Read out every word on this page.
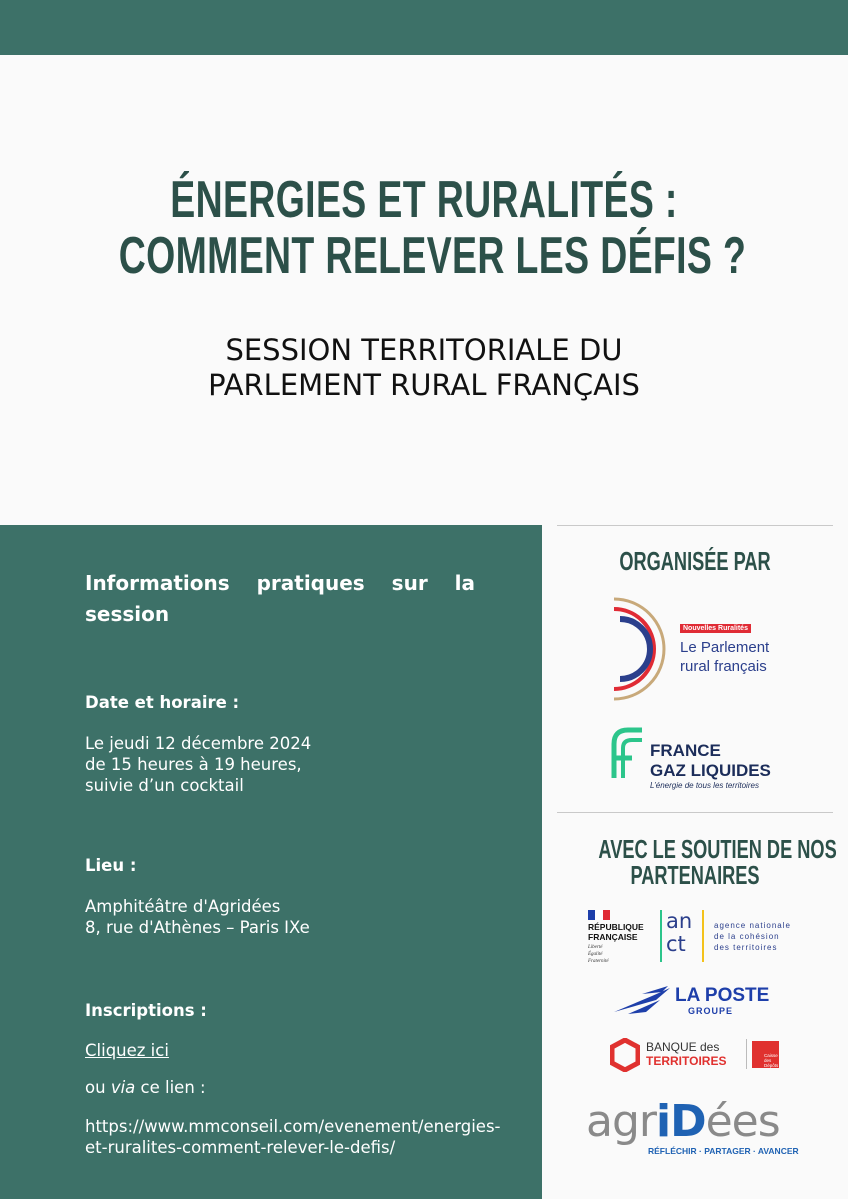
ÉNERGIES ET RURALITÉS :
COMMENT RELEVER LES DÉFIS ?
SESSION TERRITORIALE DU
PARLEMENT RURAL FRANÇAIS
Informations pratiques sur la session
Date et horaire :
Le jeudi 12 décembre 2024
de 15 heures à 19 heures,
suivie d’un cocktail
Lieu :
Amphitéâtre d'Agridées
8, rue d'Athènes – Paris IXe
Inscriptions :
Cliquez ici
ou via ce lien :
https://www.mmconseil.com/evenement/energies-
et-ruralites-comment-relever-le-defis/
ORGANISÉE PAR
Nouvelles Ruralités
Le Parlement
rural français
FRANCE
GAZ LIQUIDES
L’énergie de tous les territoires
AVEC LE SOUTIEN DE NOS
PARTENAIRES
RÉPUBLIQUE
FRANÇAISE
Liberté
Égalité
Fraternité
an
ct
agence nationale
de la cohésion
des territoires
LA POSTE
GROUPE
BANQUE des
TERRITOIRES	Caisse des Dépôts
agriDées
RÉFLÉCHIR · PARTAGER · AVANCER
